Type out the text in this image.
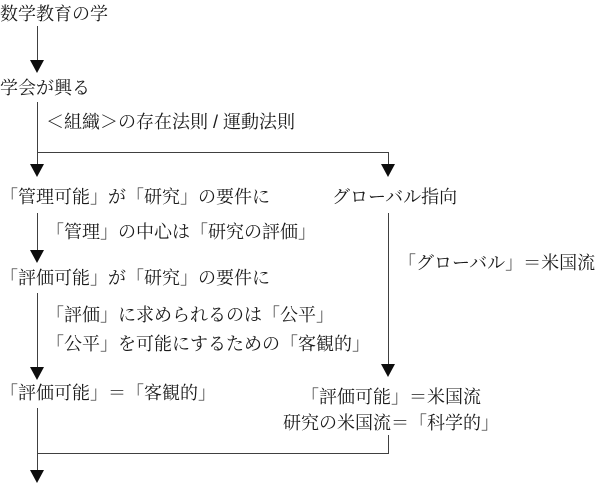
数学教育の学
学会が興る
＜組織＞の存在法則 / 運動法則
「管理可能」が「研究」の要件に	グローバル指向
「管理」の中心は「研究の評価」
「評価可能」が「研究」の要件に
「評価」に求められるのは「公平」
「公平」を可能にするための「客観的」
「グローバル」＝米国流
「評価可能」＝「客観的」	「評価可能」＝米国流
研究の米国流＝「科学的」
